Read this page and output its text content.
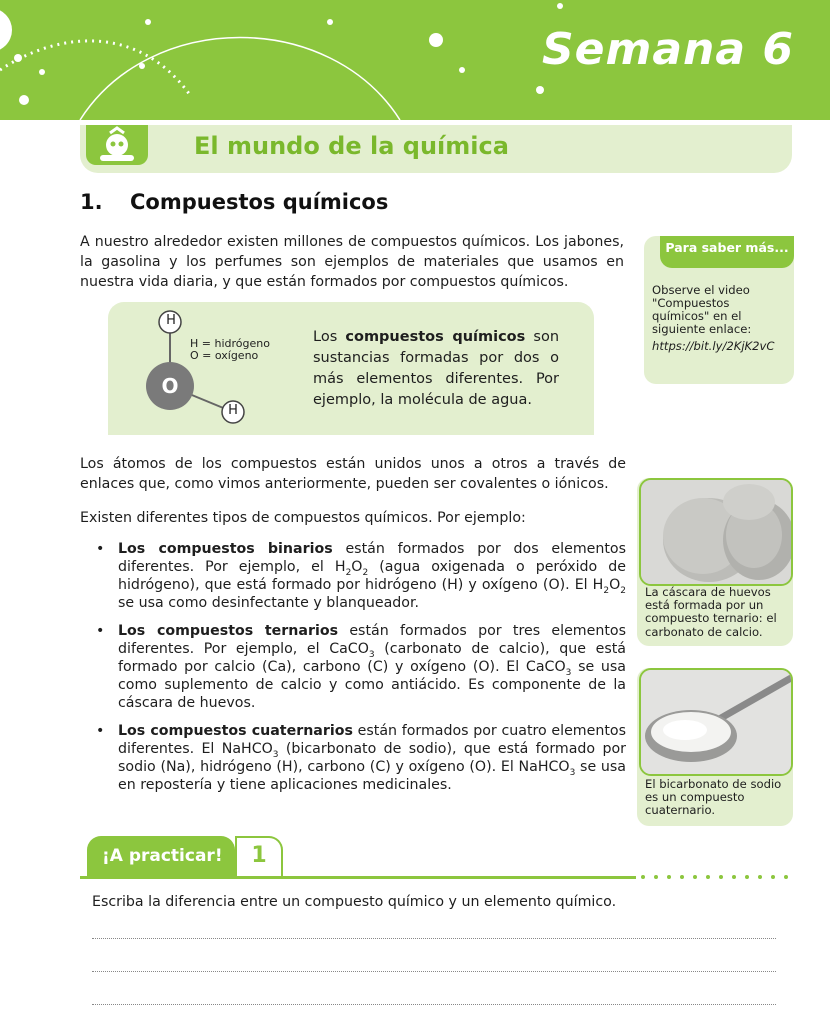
Semana 6
El mundo de la química
1. Compuestos químicos
A nuestro alrededor existen millones de compuestos químicos. Los jabones, la gasolina y los perfumes son ejemplos de materiales que usamos en nuestra vida diaria, y que están formados por compuestos químicos.
O
H
H
H = hidrógeno
O = oxígeno
Los compuestos químicos son sustancias formadas por dos o más elementos diferentes. Por ejemplo, la molécula de agua.
Los átomos de los compuestos están unidos unos a otros a través de enlaces que, como vimos anteriormente, pueden ser covalentes o iónicos.
Existen diferentes tipos de compuestos químicos. Por ejemplo:
• Los compuestos binarios están formados por dos elementos diferentes. Por ejemplo, el $H_2O_2$ (agua oxigenada o peróxido de hidrógeno), que está formado por hidrógeno (H) y oxígeno (O). El $H_2O_2$ se usa como desinfectante y blanqueador.
• Los compuestos ternarios están formados por tres elementos diferentes. Por ejemplo, el CaCO$_3$ (carbonato de calcio), que está formado por calcio (Ca), carbono (C) y oxígeno (O). El CaCO$_3$ se usa como suplemento de calcio y como antiácido. Es componente de la cáscara de huevos.
• Los compuestos cuaternarios están formados por cuatro elementos diferentes. El NaHCO$_3$ (bicarbonato de sodio), que está formado por sodio (Na), hidrógeno (H), carbono (C) y oxígeno (O). El NaHCO$_3$ se usa en repostería y tiene aplicaciones medicinales.
Para saber más...
Observe el video "Compuestos químicos" en el siguiente enlace:
https://bit.ly/2KjK2vC
La cáscara de huevos está formada por un compuesto ternario: el carbonato de calcio.
El bicarbonato de sodio es un compuesto cuaternario.
¡A practicar!	1
Escriba la diferencia entre un compuesto químico y un elemento químico.
